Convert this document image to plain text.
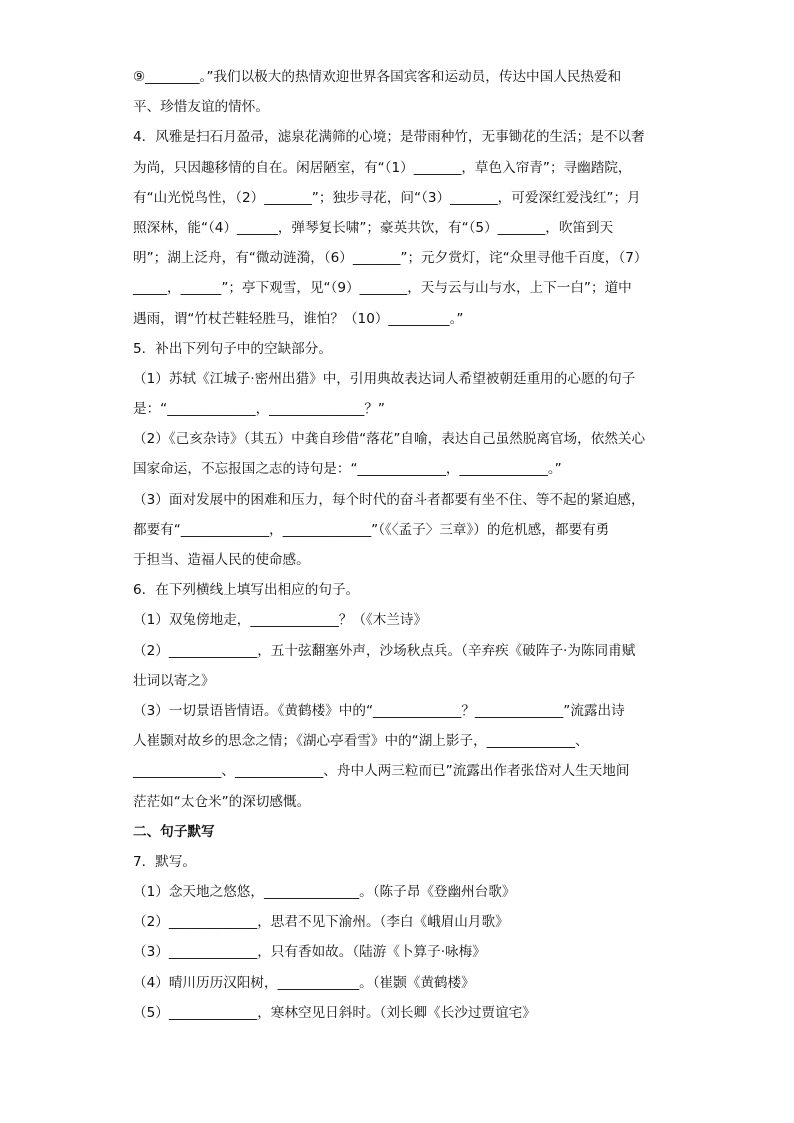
⑨________。”我们以极大的热情欢迎世界各国宾客和运动员，传达中国人民热爱和
平、珍惜友谊的情怀。
4．风雅是扫石月盈帚，滤泉花满筛的心境；是带雨种竹，无事锄花的生活；是不以奢
为尚，只因趣移情的自在。闲居陋室，有“（1）_______，草色入帘青”；寻幽踏院，
有“山光悦鸟性，（2）_______”；独步寻花，问“（3）_______，可爱深红爱浅红”；月
照深林，能“（4）______，弹琴复长啸”；豪英共饮，有“（5）_______，吹笛到天
明”；湖上泛舟，有“微动涟漪，（6）_______”；元夕赏灯，诧“众里寻他千百度，（7）
_____，______”；亭下观雪，见“（9）_______，天与云与山与水，上下一白”；道中
遇雨，谓“竹杖芒鞋轻胜马，谁怕？（10）_________。”
5．补出下列句子中的空缺部分。
（1）苏轼《江城子·密州出猎》中，引用典故表达词人希望被朝廷重用的心愿的句子
是：“_____________，______________？”
（2）《己亥杂诗》（其五）中龚自珍借“落花”自喻，表达自己虽然脱离官场，依然关心
国家命运，不忘报国之志的诗句是：“_____________，_____________。”
（3）面对发展中的困难和压力，每个时代的奋斗者都要有坐不住、等不起的紧迫感，
都要有“_____________，_____________”（《〈孟子〉三章》）的危机感，都要有勇
于担当、造福人民的使命感。
6．在下列横线上填写出相应的句子。
（1）双兔傍地走，_____________？（《木兰诗》
（2）_____________，五十弦翻塞外声，沙场秋点兵。（辛弃疾《破阵子·为陈同甫赋
壮词以寄之》
（3）一切景语皆情语。《黄鹤楼》中的“_____________？_____________”流露出诗
人崔颢对故乡的思念之情；《湖心亭看雪》中的“湖上影子，_____________、
_____________、_____________、舟中人两三粒而已”流露出作者张岱对人生天地间
茫茫如“太仓米”的深切感慨。
二、句子默写
7．默写。
（1）念天地之悠悠，______________。（陈子昂《登幽州台歌》
（2）_____________，思君不见下渝州。（李白《峨眉山月歌》
（3）_____________，只有香如故。（陆游《卜算子·咏梅》
（4）晴川历历汉阳树，____________。（崔颢《黄鹤楼》
（5）_____________，寒林空见日斜时。（刘长卿《长沙过贾谊宅》
